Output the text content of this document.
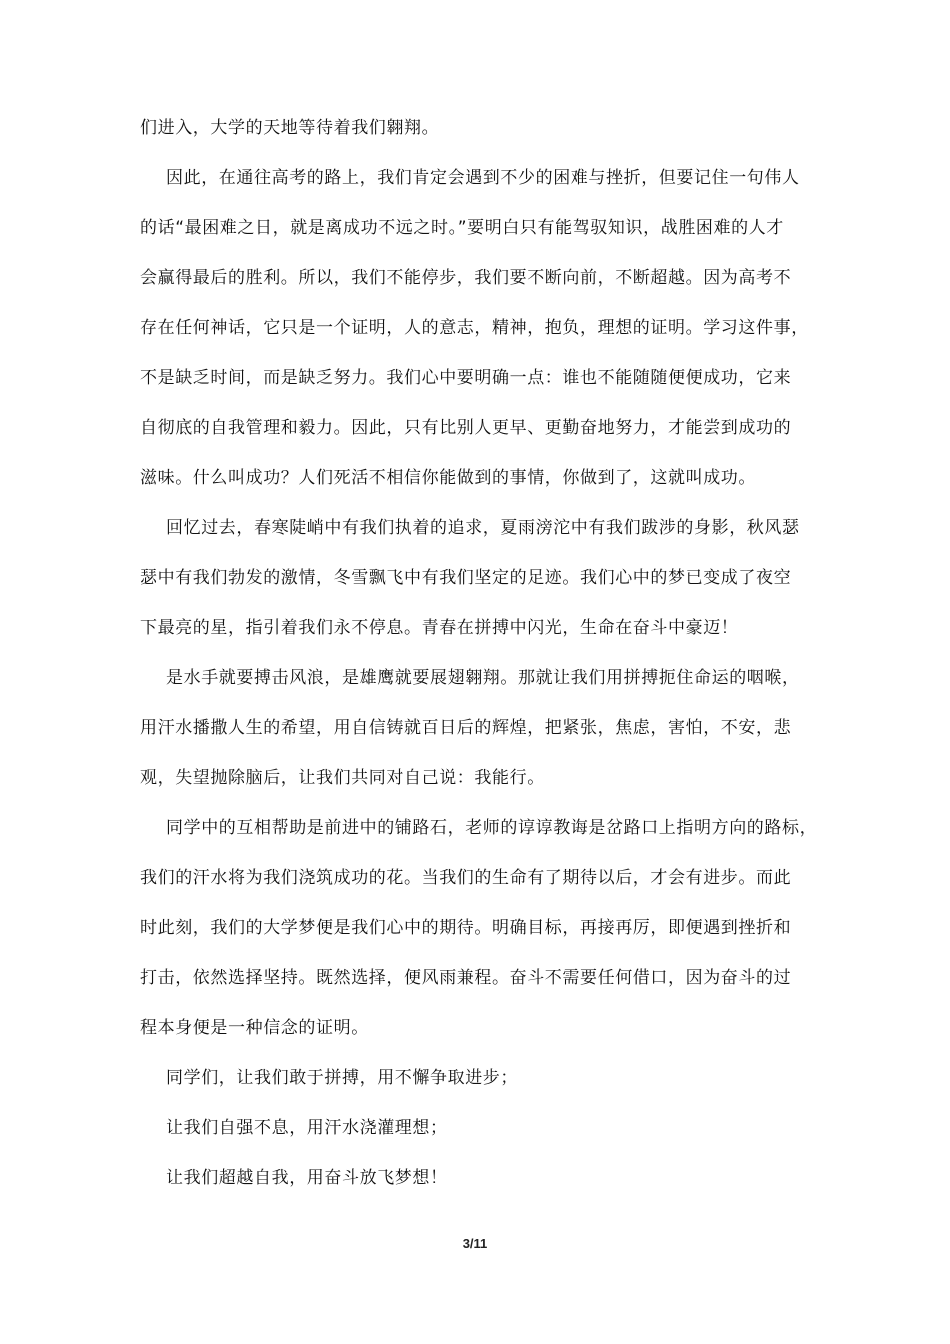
们进入，大学的天地等待着我们翱翔。
因此，在通往高考的路上，我们肯定会遇到不少的困难与挫折，但要记住一句伟人
的话“最困难之日，就是离成功不远之时。”要明白只有能驾驭知识，战胜困难的人才
会赢得最后的胜利。所以，我们不能停步，我们要不断向前，不断超越。因为高考不
存在任何神话，它只是一个证明，人的意志，精神，抱负，理想的证明。学习这件事，
不是缺乏时间，而是缺乏努力。我们心中要明确一点：谁也不能随随便便成功，它来
自彻底的自我管理和毅力。因此，只有比别人更早、更勤奋地努力，才能尝到成功的
滋味。什么叫成功？人们死活不相信你能做到的事情，你做到了，这就叫成功。
回忆过去，春寒陡峭中有我们执着的追求，夏雨滂沱中有我们跋涉的身影，秋风瑟
瑟中有我们勃发的激情，冬雪飘飞中有我们坚定的足迹。我们心中的梦已变成了夜空
下最亮的星，指引着我们永不停息。青春在拼搏中闪光，生命在奋斗中豪迈！
是水手就要搏击风浪，是雄鹰就要展翅翱翔。那就让我们用拼搏扼住命运的咽喉，
用汗水播撒人生的希望，用自信铸就百日后的辉煌，把紧张，焦虑，害怕，不安，悲
观，失望抛除脑后，让我们共同对自己说：我能行。
同学中的互相帮助是前进中的铺路石，老师的谆谆教诲是岔路口上指明方向的路标，
我们的汗水将为我们浇筑成功的花。当我们的生命有了期待以后，才会有进步。而此
时此刻，我们的大学梦便是我们心中的期待。明确目标，再接再厉，即便遇到挫折和
打击，依然选择坚持。既然选择，便风雨兼程。奋斗不需要任何借口，因为奋斗的过
程本身便是一种信念的证明。
同学们，让我们敢于拼搏，用不懈争取进步；
让我们自强不息，用汗水浇灌理想；
让我们超越自我，用奋斗放飞梦想！
3/11
